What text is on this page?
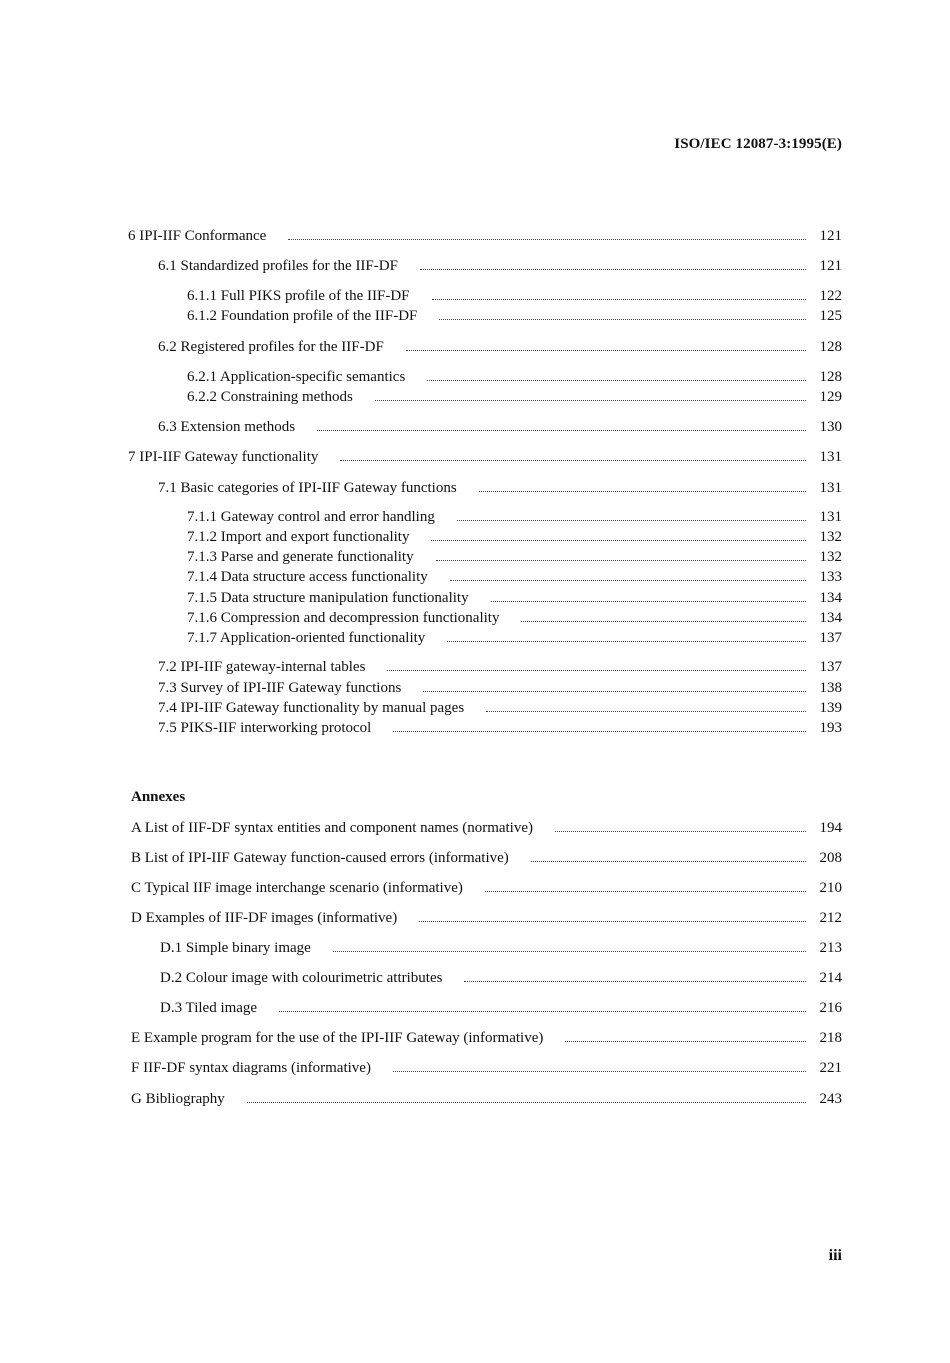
ISO/IEC 12087-3:1995(E)
6 IPI-IIF Conformance	121
6.1 Standardized profiles for the IIF-DF	121
6.1.1 Full PIKS profile of the IIF-DF	122
6.1.2 Foundation profile of the IIF-DF	125
6.2 Registered profiles for the IIF-DF	128
6.2.1 Application-specific semantics	128
6.2.2 Constraining methods	129
6.3 Extension methods	130
7 IPI-IIF Gateway functionality	131
7.1 Basic categories of IPI-IIF Gateway functions	131
7.1.1 Gateway control and error handling	131
7.1.2 Import and export functionality	132
7.1.3 Parse and generate functionality	132
7.1.4 Data structure access functionality	133
7.1.5 Data structure manipulation functionality	134
7.1.6 Compression and decompression functionality	134
7.1.7 Application-oriented functionality	137
7.2 IPI-IIF gateway-internal tables	137
7.3 Survey of IPI-IIF Gateway functions	138
7.4 IPI-IIF Gateway functionality by manual pages	139
7.5 PIKS-IIF interworking protocol	193
Annexes
A List of IIF-DF syntax entities and component names (normative)	194
B List of IPI-IIF Gateway function-caused errors (informative)	208
C Typical IIF image interchange scenario (informative)	210
D Examples of IIF-DF images (informative)	212
D.1 Simple binary image	213
D.2 Colour image with colourimetric attributes	214
D.3 Tiled image	216
E Example program for the use of the IPI-IIF Gateway (informative)	218
F IIF-DF syntax diagrams (informative)	221
G Bibliography	243
iii
